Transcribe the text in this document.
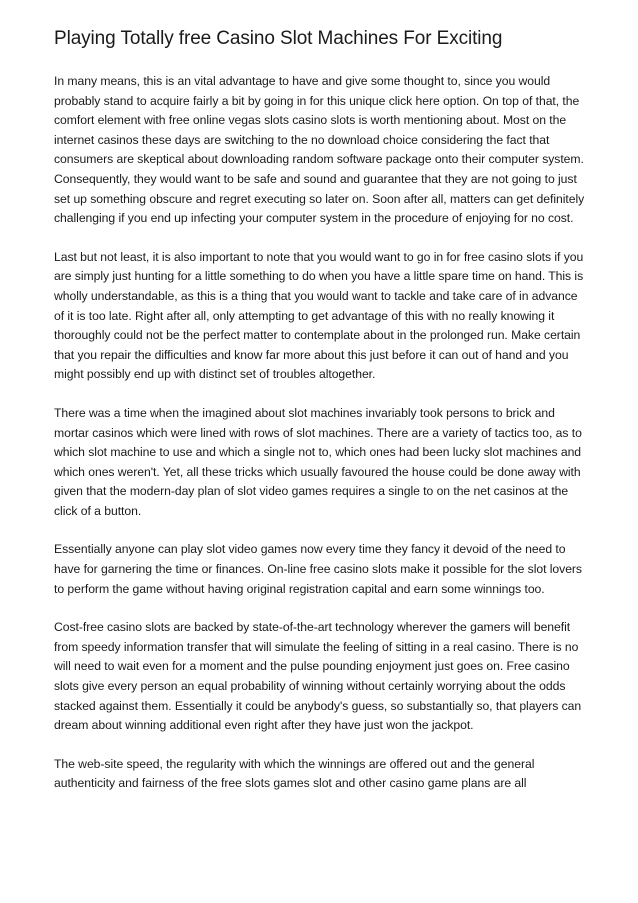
Playing Totally free Casino Slot Machines For Exciting

In many means, this is an vital advantage to have and give some thought to, since you would probably stand to acquire fairly a bit by going in for this unique click here option. On top of that, the comfort element with free online vegas slots casino slots is worth mentioning about. Most on the internet casinos these days are switching to the no download choice considering the fact that consumers are skeptical about downloading random software package onto their computer system. Consequently, they would want to be safe and sound and guarantee that they are not going to just set up something obscure and regret executing so later on. Soon after all, matters can get definitely challenging if you end up infecting your computer system in the procedure of enjoying for no cost.

Last but not least, it is also important to note that you would want to go in for free casino slots if you are simply just hunting for a little something to do when you have a little spare time on hand. This is wholly understandable, as this is a thing that you would want to tackle and take care of in advance of it is too late. Right after all, only attempting to get advantage of this with no really knowing it thoroughly could not be the perfect matter to contemplate about in the prolonged run. Make certain that you repair the difficulties and know far more about this just before it can out of hand and you might possibly end up with distinct set of troubles altogether.

There was a time when the imagined about slot machines invariably took persons to brick and mortar casinos which were lined with rows of slot machines. There are a variety of tactics too, as to which slot machine to use and which a single not to, which ones had been lucky slot machines and which ones weren't. Yet, all these tricks which usually favoured the house could be done away with given that the modern-day plan of slot video games requires a single to on the net casinos at the click of a button.

Essentially anyone can play slot video games now every time they fancy it devoid of the need to have for garnering the time or finances. On-line free casino slots make it possible for the slot lovers to perform the game without having original registration capital and earn some winnings too.

Cost-free casino slots are backed by state-of-the-art technology wherever the gamers will benefit from speedy information transfer that will simulate the feeling of sitting in a real casino. There is no will need to wait even for a moment and the pulse pounding enjoyment just goes on. Free casino slots give every person an equal probability of winning without certainly worrying about the odds stacked against them. Essentially it could be anybody's guess, so substantially so, that players can dream about winning additional even right after they have just won the jackpot.

The web-site speed, the regularity with which the winnings are offered out and the general authenticity and fairness of the free slots games slot and other casino game plans are all
